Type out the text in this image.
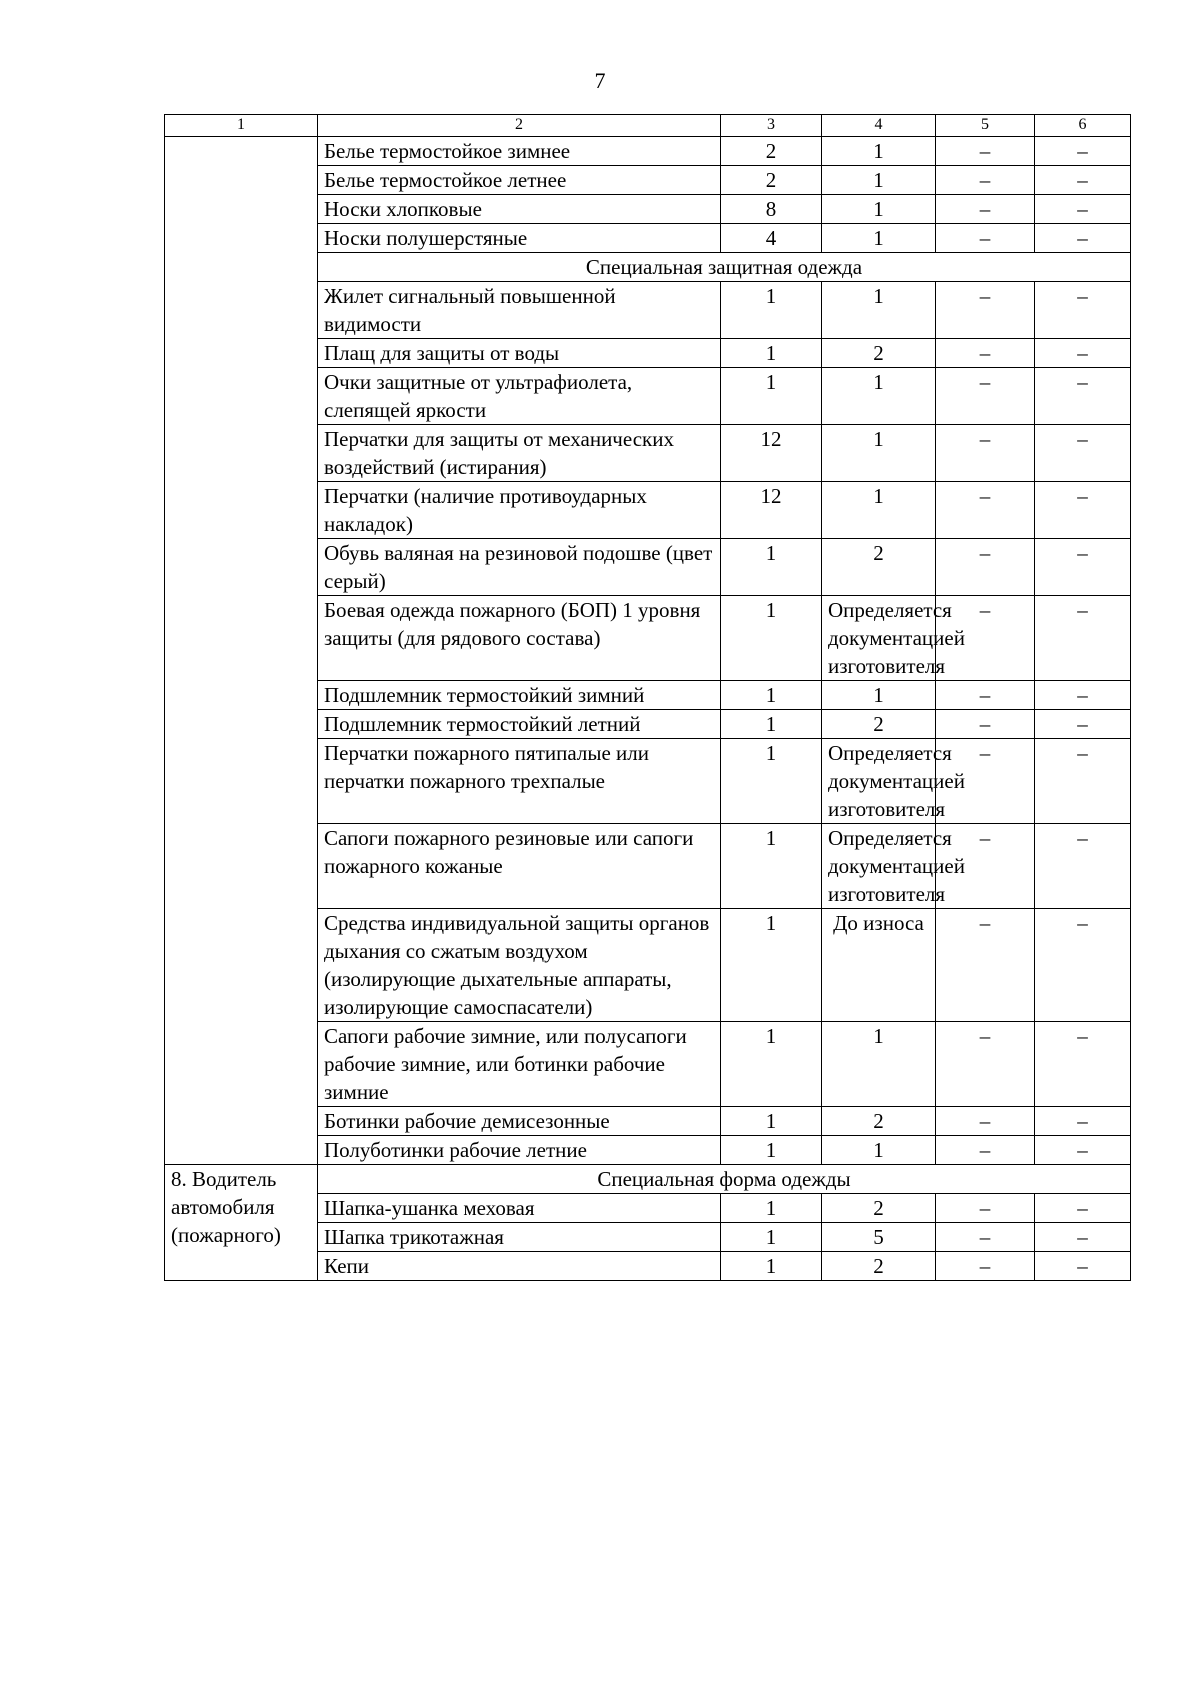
7
1	2	3	4	5	6
	Белье термостойкое зимнее	2	1	–	–
	Белье термостойкое летнее	2	1	–	–
	Носки хлопковые	8	1	–	–
	Носки полушерстяные	4	1	–	–
	Специальная защитная одежда				
	Жилет сигнальный повышенной видимости	1	1	–	–
	Плащ для защиты от воды	1	2	–	–
	Очки защитные от ультрафиолета, слепящей яркости	1	1	–	–
	Перчатки для защиты от механических воздействий (истирания)	12	1	–	–
	Перчатки (наличие противоударных накладок)	12	1	–	–
	Обувь валяная на резиновой подошве (цвет серый)	1	2	–	–
	Боевая одежда пожарного (БОП) 1 уровня защиты (для рядового состава)	1	Определяется документацией изготовителя	–	–
	Подшлемник термостойкий зимний	1	1	–	–
	Подшлемник термостойкий летний	1	2	–	–
	Перчатки пожарного пятипалые или перчатки пожарного трехпалые	1	Определяется документацией изготовителя	–	–
	Сапоги пожарного резиновые или сапоги пожарного кожаные	1	Определяется документацией изготовителя	–	–
	Средства индивидуальной защиты органов дыхания со сжатым воздухом (изолирующие дыхательные аппараты, изолирующие самоспасатели)	1	До износа	–	–
	Сапоги рабочие зимние, или полусапоги рабочие зимние, или ботинки рабочие зимние	1	1	–	–
	Ботинки рабочие демисезонные	1	2	–	–
	Полуботинки рабочие летние	1	1	–	–
8. Водитель автомобиля (пожарного)	Специальная форма одежды				
	Шапка-ушанка меховая	1	2	–	–
	Шапка трикотажная	1	5	–	–
	Кепи	1	2	–	–
